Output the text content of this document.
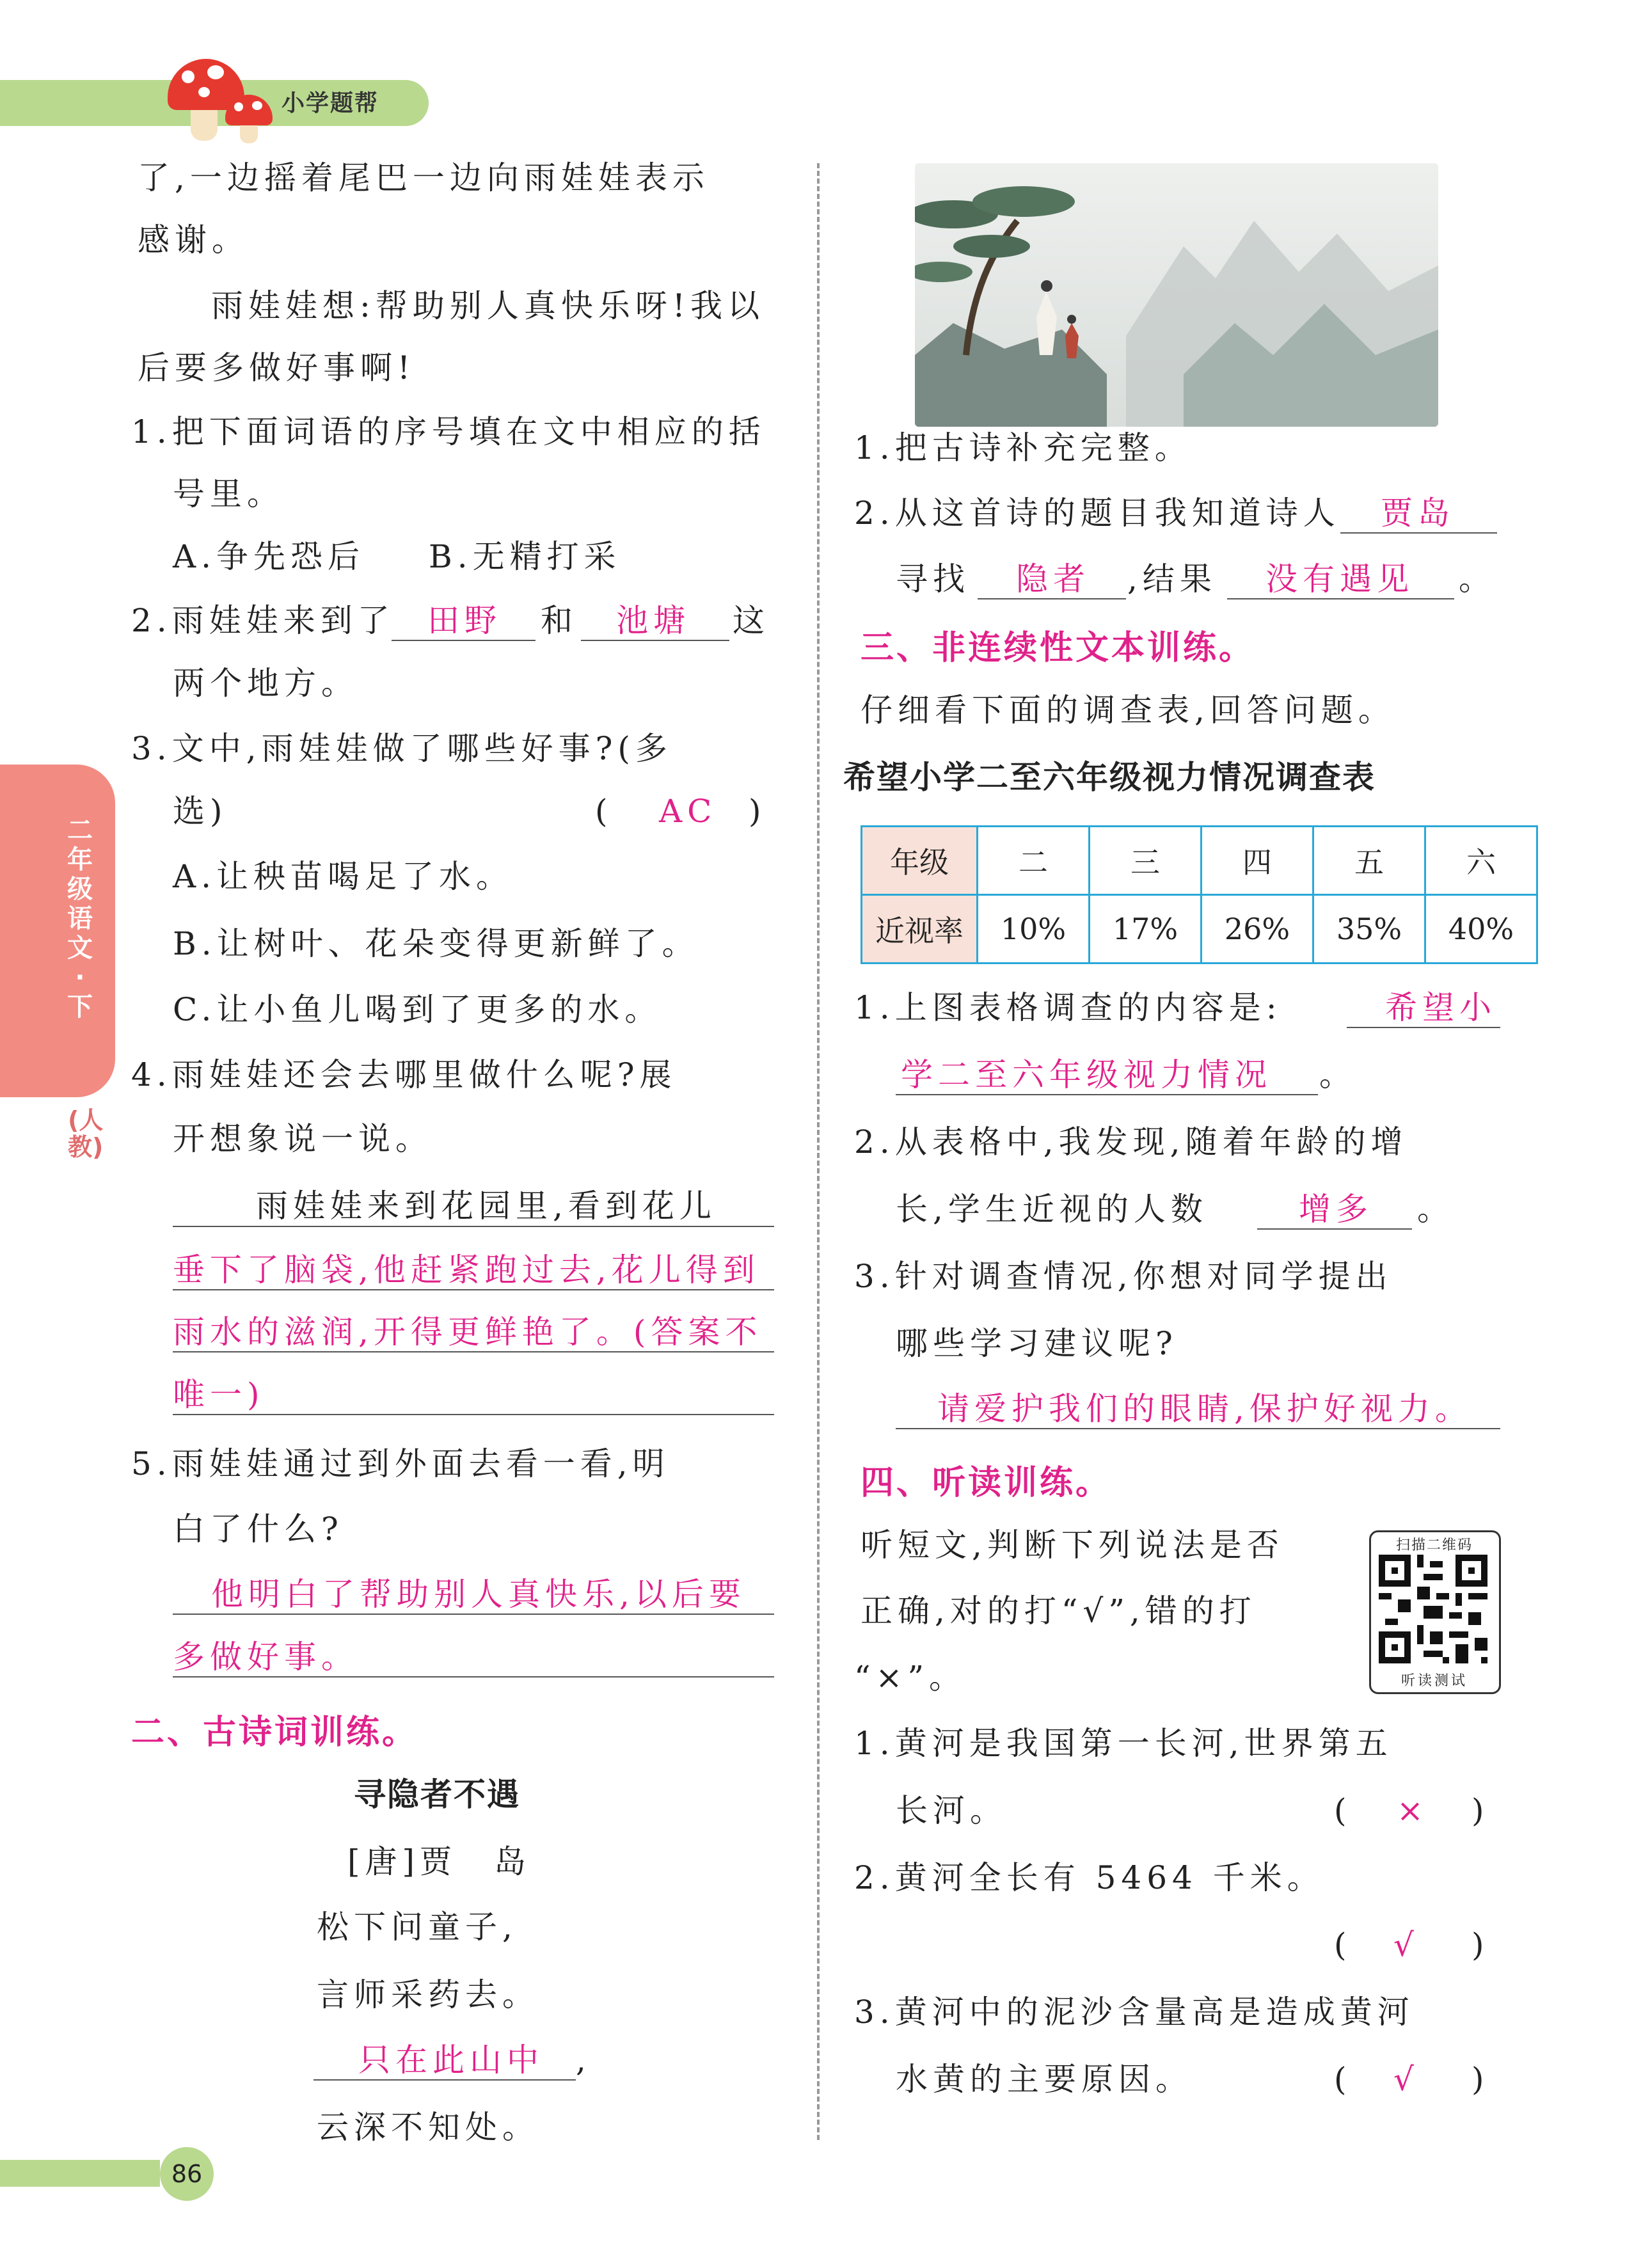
小学题帮
二年级语文·下
(人教)
了,一边摇着尾巴一边向雨娃娃表示
感谢。
雨娃娃想:帮助别人真快乐呀!我以
后要多做好事啊!
1.把下面词语的序号填在文中相应的括
号里。
A.争先恐后 B.无精打采
2.雨娃娃来到了 田野 和 池塘 这
两个地方。
3.文中,雨娃娃做了哪些好事?(多
选)	( AC )
A.让秧苗喝足了水。
B.让树叶、花朵变得更新鲜了。
C.让小鱼儿喝到了更多的水。
4.雨娃娃还会去哪里做什么呢?展
开想象说一说。
雨娃娃来到花园里,看到花儿
垂下了脑袋,他赶紧跑过去,花儿得到
雨水的滋润,开得更鲜艳了。(答案不
唯一)
5.雨娃娃通过到外面去看一看,明
白了什么?
他明白了帮助别人真快乐,以后要
多做好事。
二、古诗词训练。
寻隐者不遇
[唐]贾　岛
松下问童子,
言师采药去。
只在此山中 ,
云深不知处。
1.把古诗补充完整。
2.从这首诗的题目我知道诗人 贾岛
寻找 隐者 ,结果 没有遇见 。
三、非连续性文本训练。
仔细看下面的调查表,回答问题。
希望小学二至六年级视力情况调查表
年级	二	三	四	五	六
近视率	10%	17%	26%	35%	40%
1.上图表格调查的内容是:	希望小
学二至六年级视力情况 。
2.从表格中,我发现,随着年龄的增
长,学生近视的人数	增多 。
3.针对调查情况,你想对同学提出
哪些学习建议呢?
请爱护我们的眼睛,保护好视力。
四、听读训练。
听短文,判断下列说法是否
正确,对的打“√”,错的打
“×”。
扫描二维码
听读测试
1.黄河是我国第一长河,世界第五
长河。	( × )
2.黄河全长有 5464 千米。
( √ )
3.黄河中的泥沙含量高是造成黄河
水黄的主要原因。	( √ )
86
